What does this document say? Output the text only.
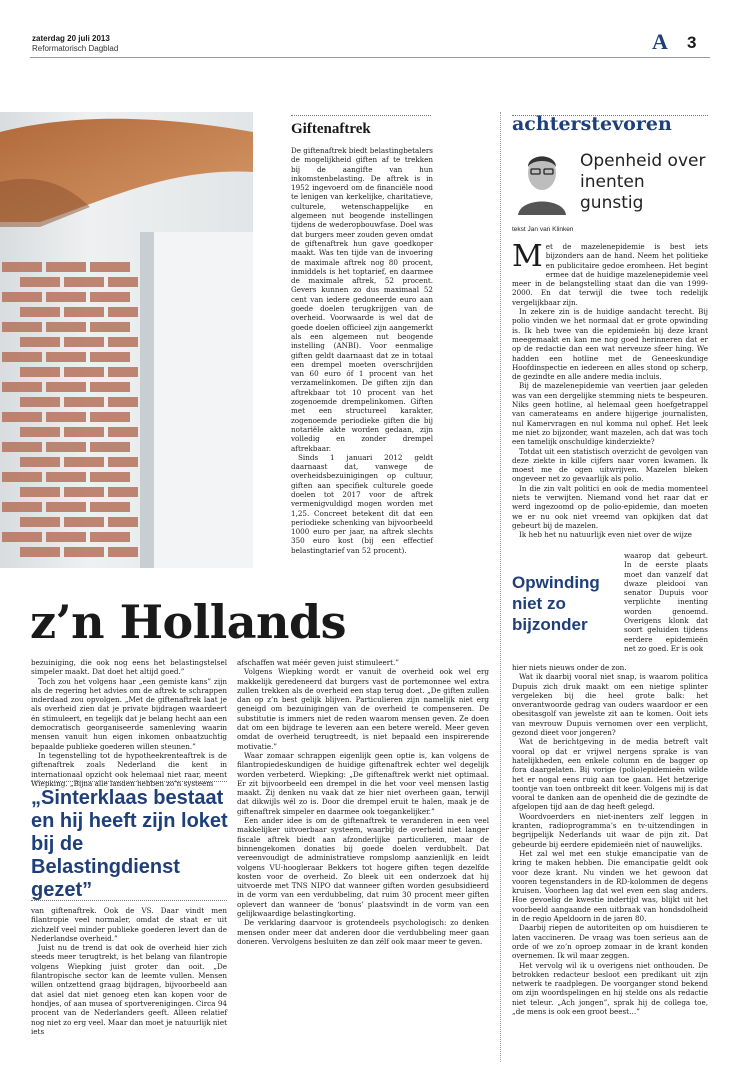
zaterdag 20 juli 2013
Reformatorisch Dagblad	A 3
Giftenaftrek

De giftenaftrek biedt belastingbetalers de mogelijkheid giften af te trekken bij de aangifte van hun inkomstenbelasting. De aftrek is in 1952 ingevoerd om de financiële nood te lenigen van kerkelijke, charitatieve, culturele, wetenschappelijke en algemeen nut beogende instellingen tijdens de wederopbouwfase. Doel was dat burgers meer zouden geven omdat de giftenaftrek hun gave goedkoper maakt. Was ten tijde van de invoering de maximale aftrek nog 80 procent, inmiddels is het toptarief, en daarmee de maximale aftrek, 52 procent. Gevers kunnen zo dus maximaal 52 cent van iedere gedoneerde euro aan goede doelen terugkrijgen van de overheid. Voorwaarde is wel dat de goede doelen officieel zijn aangemerkt als een algemeen nut beogende instelling (ANBI). Voor eenmalige giften geldt daarnaast dat ze in totaal een drempel moeten overschrijden van 60 euro óf 1 procent van het verzamelinkomen. De giften zijn dan aftrekbaar tot 10 procent van het zogenoemde drempelinkomen. Giften met een structureel karakter, zogenoemde periodieke giften die bij notariële akte worden gedaan, zijn volledig en zonder drempel aftrekbaar.

Sinds 1 januari 2012 geldt daarnaast dat, vanwege de overheidsbezuinigingen op cultuur, giften aan specifiek culturele goede doelen tot 2017 voor de aftrek vermenigvuldigd mogen worden met 1,25. Concreet betekent dit dat een periodieke schenking van bijvoorbeeld 1000 euro per jaar, na aftrek slechts 350 euro kost (bij een effectief belastingtarief van 52 procent).

z’n Hollands

bezuiniging, die ook nog eens het belastingstelsel simpeler maakt. Dat doet het altijd goed.”

Toch zou het volgens haar „een gemiste kans” zijn als de regering het advies om de aftrek te schrappen inderdaad zou opvolgen. „Met de giftenaftrek laat je als overheid zien dat je private bijdragen waardeert én stimuleert, en tegelijk dat je belang hecht aan een democratisch georganiseerde samenleving waarin mensen vanuit hun eigen inkomen onbaatzuchtig bepaalde publieke goederen willen steunen.”

In tegenstelling tot de hypotheekrenteaftrek is de giftenaftrek zoals Nederland die kent in internationaal opzicht ook helemaal niet raar, meent Wiepking. „Bijna alle landen hebben zo’n systeem

„Sinterklaas bestaat en hij heeft zijn loket bij de Belastingdienst gezet”

van giftenaftrek. Ook de VS. Daar vindt men filantropie veel normaler, omdat de staat er uit zichzelf veel minder publieke goederen levert dan de Nederlandse overheid.”

Juist nu de trend is dat ook de overheid hier zich steeds meer terugtrekt, is het belang van filantropie volgens Wiepking juist groter dan ooit. „De filantropische sector kan de leemte vullen. Mensen willen ontzettend graag bijdragen, bijvoorbeeld aan dat asiel dat niet genoeg eten kan kopen voor de hondjes, of aan musea of sportverenigingen. Circa 94 procent van de Nederlanders geeft. Alleen relatief nog niet zo erg veel. Maar dan moet je natuurlijk niet iets

afschaffen wat méér geven juist stimuleert.”

Volgens Wiepking wordt er vanuit de overheid ook wel erg makkelijk geredeneerd dat burgers vast de portemonnee wel extra zullen trekken als de overheid een stap terug doet. „De giften zullen dan op z’n best gelijk blijven. Particulieren zijn namelijk niet erg geneigd om bezuinigingen van de overheid te compenseren. De substitutie is immers niet de reden waarom mensen geven. Ze doen dat om een bijdrage te leveren aan een betere wereld. Meer geven omdat de overheid terugtreedt, is niet bepaald een inspirerende motivatie.”

Waar zomaar schrappen eigenlijk geen optie is, kan volgens de filantropiedeskundigen de huidige giftenaftrek echter wel degelijk worden verbeterd. Wiepking: „De giftenaftrek werkt niet optimaal. Er zit bijvoorbeeld een drempel in die het voor veel mensen lastig maakt. Zij denken nu vaak dat ze hier niet overheen gaan, terwijl dat dikwijls wél zo is. Door die drempel eruit te halen, maak je de giftenaftrek simpeler en daarmee ook toegankelijker.”

Een ander idee is om de giftenaftrek te veranderen in een veel makkelijker uitvoerbaar systeem, waarbij de overheid niet langer fiscale aftrek biedt aan afzonderlijke particulieren, maar de binnengekomen donaties bij goede doelen verdubbelt. Dat vereenvoudigt de administratieve rompslomp aanzienlijk en leidt volgens VU-hoogleraar Bekkers tot hogere giften tegen dezelfde kosten voor de overheid. Zo bleek uit een onderzoek dat hij uitvoerde met TNS NIPO dat wanneer giften worden gesubsidieerd in de vorm van een verdubbeling, dat ruim 30 procent meer giften oplevert dan wanneer de ‘bonus’ plaatsvindt in de vorm van een gelijkwaardige belastingkorting.

De verklaring daarvoor is grotendeels psychologisch: zo denken mensen onder meer dat anderen door die verdubbeling meer gaan doneren. Vervolgens besluiten ze dan zélf ook maar meer te geven.

achterstevoren
Openheid over inenten gunstig
tekst Jan van Klinken

Met de mazelenepidemie is best iets bijzonders aan de hand. Neem het politieke en publicitaire gedoe eromheen. Het begint ermee dat de huidige mazelenepidemie veel meer in de belangstelling staat dan die van 1999-2000. En dat terwijl die twee toch redelijk vergelijkbaar zijn.

In zekere zin is de huidige aandacht terecht. Bij polio vinden we het normaal dat er grote opwinding is. Ik heb twee van die epidemieën bij deze krant meegemaakt en kan me nog goed herinneren dat er op de redactie dan een wat nerveuze sfeer hing. We hadden een hotline met de Geneeskundige Hoofdinspectie en iedereen en alles stond op scherp, de gezindte en alle andere media incluis.

Bij de mazelenepidemie van veertien jaar geleden was van een dergelijke stemming niets te bespeuren. Niks geen hotline, al helemaal geen hoefgetrappel van camerateams en andere hijgerige journalisten, nul Kamervragen en nul komma nul ophef. Het leek me niet zo bijzonder, want mazelen, ach dat was toch een tamelijk onschuldige kinderziekte?

Totdat uit een statistisch overzicht de gevolgen van deze ziekte in kille cijfers naar voren kwamen. Ik moest me de ogen uitwrijven. Mazelen bleken ongeveer net zo gevaarlijk als polio.

In die zin valt politici en ook de media momenteel niets te verwijten. Niemand vond het raar dat er werd ingezoomd op de polio-epidemie, dan moeten we er nu ook niet vreemd van opkijken dat dat gebeurt bij de mazelen.

Ik heb het nu natuurlijk even niet over de wijze

Opwinding niet zo bijzonder

waarop dat gebeurt. In de eerste plaats moet dan vanzelf dat dwaze pleidooi van senator Dupuis voor verplichte inenting worden genoemd. Overigens klonk dat soort geluiden tijdens eerdere epidemieën net zo goed. Er is ook

hier niets nieuws onder de zon.

Wat ik daarbij vooral niet snap, is waarom politica Dupuis zich druk maakt om een nietige splinter vergeleken bij die heel grote balk: het onverantwoorde gedrag van ouders waardoor er een obesitasgolf van jewelste zit aan te komen. Ooit iets van mevrouw Dupuis vernomen over een verplicht, gezond dieet voor jongeren?

Wat de berichtgeving in de media betreft valt vooral op dat er vrijwel nergens sprake is van hatelijkheden, een enkele column en de bagger op fora daargelaten. Bij vorige (polio)epidemieën wilde het er nogal eens ruig aan toe gaan. Het hetzerige toontje van toen ontbreekt dit keer. Volgens mij is dat vooral te danken aan de openheid die de gezindte de afgelopen tijd aan de dag heeft gelegd.

Woordvoerders en niet-inenters zelf leggen in kranten, radioprogramma’s en tv-uitzendingen in begrijpelijk Nederlands uit waar de pijn zit. Dat gebeurde bij eerdere epidemieën niet of nauwelijks.

Het zal wel met een stukje emancipatie van de kring te maken hebben. Die emancipatie geldt ook voor deze krant. Nu vinden we het gewoon dat vooren tegenstanders in de RD-kolommen de degens kruisen. Voorheen lag dat wel even een slag anders. Hoe gevoelig de kwestie indertijd was, blijkt uit het voorbeeld aangaande een uitbraak van hondsdolheid in de regio Apeldoorn in de jaren 80.

Daarbij riepen de autoriteiten op om huisdieren te laten vaccineren. De vraag was toen serieus aan de orde of we zo’n oproep zomaar in de krant konden overnemen. Ik wil maar zeggen.

Het vervolg wil ik u overigens niet onthouden. De betrokken redacteur besloot een predikant uit zijn netwerk te raadplegen. De voorganger stond bekend om zijn woordspelingen en hij stelde ons als redactie niet teleur. „Ach jongen”, sprak hij de collega toe, „de mens is ook een groot beest…”
